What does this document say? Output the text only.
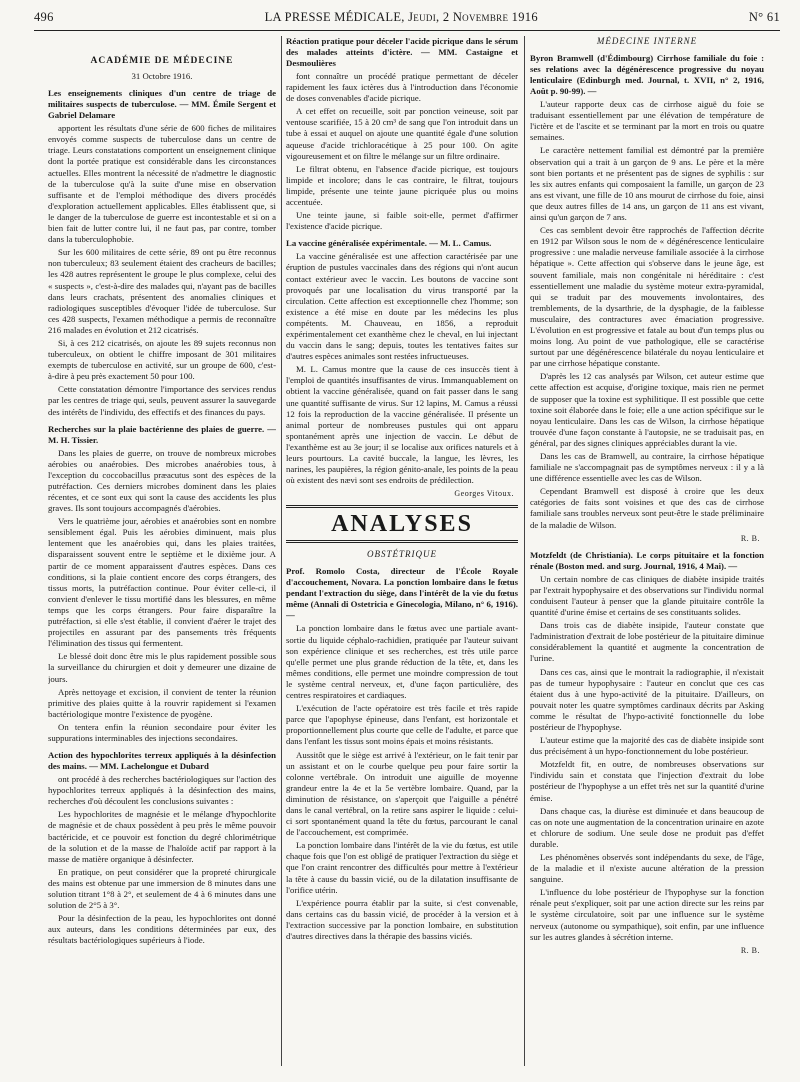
496	LA PRESSE MÉDICALE, Jeudi, 2 Novembre 1916	N° 61
ACADÉMIE DE MÉDECINE
31 Octobre 1916.
Les enseignements cliniques d'un centre de triage de militaires suspects de tuberculose. — MM. Émile Sergent et Gabriel Delamare

apportent les résultats d'une série de 600 fiches de militaires envoyés comme suspects de tuberculose dans un centre de triage. Leurs constatations comportent un enseignement clinique dont la portée pratique est considérable dans les circonstances actuelles. Elles montrent la nécessité de n'admettre le diagnostic de la tuberculose qu'à la suite d'une mise en observation suffisante et de l'emploi méthodique des divers procédés d'exploration actuellement applicables. Elles établissent que, si le danger de la tuberculose de guerre est incontestable et si on a bien fait de lutter contre lui, il ne faut pas, par contre, tomber dans la tuberculophobie.

Sur les 600 militaires de cette série, 89 ont pu être reconnus non tuberculeux; 83 seulement étaient des cracheurs de bacilles; les 428 autres représentent le groupe le plus complexe, celui des « suspects », c'est-à-dire des malades qui, n'ayant pas de bacilles dans leurs crachats, présentent des anomalies cliniques et radiologiques susceptibles d'évoquer l'idée de tuberculose. Sur ces 428 suspects, l'examen méthodique a permis de reconnaître 216 malades en évolution et 212 cicatrisés.

Si, à ces 212 cicatrisés, on ajoute les 89 sujets reconnus non tuberculeux, on obtient le chiffre imposant de 301 militaires exempts de tuberculose en activité, sur un groupe de 600, c'est-à-dire à peu près exactement 50 pour 100.

Cette constatation démontre l'importance des services rendus par les centres de triage qui, seuls, peuvent assurer la sauvegarde des intérêts de l'individu, des effectifs et des finances du pays.

Recherches sur la plaie bactérienne des plaies de guerre. — M. H. Tissier.

Dans les plaies de guerre, on trouve de nombreux microbes aérobies ou anaérobies. Des microbes anaérobies tous, à l'exception du coccobacillus præacutus sont des espèces de la putréfaction. Ces derniers microbes dominent dans les plaies récentes, et ce sont eux qui sont la cause des accidents les plus graves. Ils sont toujours accompagnés d'aérobies.

Vers le quatrième jour, aérobies et anaérobies sont en nombre sensiblement égal. Puis les aérobies diminuent, mais plus lentement que les anaérobies qui, dans les plaies traitées, disparaissent souvent entre le septième et le dixième jour. A partir de ce moment apparaissent d'autres espèces. Dans ces conditions, si la plaie contient encore des corps étrangers, des tissus morts, la putréfaction continue. Pour éviter celle-ci, il convient d'enlever le tissu mortifié dans les blessures, en même temps que les corps étrangers. Pour faire disparaître la putréfaction, si elle s'est établie, il convient d'aérer le trajet des projectiles en assurant par des pansements très fréquents l'élimination des tissus qui fermentent.

Le blessé doit donc être mis le plus rapidement possible sous la surveillance du chirurgien et doit y demeurer une dizaine de jours.

Après nettoyage et excision, il convient de tenter la réunion primitive des plaies quitte à la rouvrir rapidement si l'examen bactériologique montre l'existence de pyogène.

On tentera enfin la réunion secondaire pour éviter les suppurations interminables des injections secondaires.

Action des hypochlorites terreux appliqués à la désinfection des mains. — MM. Lachelongue et Dubard

ont procédé à des recherches bactériologiques sur l'action des hypochlorites terreux appliqués à la désinfection des mains, recherches d'où découlent les conclusions suivantes :

Les hypochlorites de magnésie et le mélange d'hypochlorite de magnésie et de chaux possèdent à peu près le même pouvoir bactéricide, et ce pouvoir est fonction du degré chlorimétrique de la solution et de la masse de l'haloïde actif par rapport à la masse de matière organique à désinfecter.

En pratique, on peut considérer que la propreté chirurgicale des mains est obtenue par une immersion de 8 minutes dans une solution titrant 1°8 à 2°, et seulement de 4 à 6 minutes dans une solution de 2°5 à 3°.

Pour la désinfection de la peau, les hypochlorites ont donné aux auteurs, dans les conditions déterminées par eux, des résultats bactériologiques supérieurs à l'iode.

Réaction pratique pour déceler l'acide picrique dans le sérum des malades atteints d'ictère. — MM. Castaigne et Desmoulières

font connaître un procédé pratique permettant de déceler rapidement les faux ictères dus à l'introduction dans l'économie de doses convenables d'acide picrique.

A cet effet on recueille, soit par ponction veineuse, soit par ventouse scarifiée, 15 à 20 cm³ de sang que l'on introduit dans un tube à essai et auquel on ajoute une quantité égale d'une solution aqueuse d'acide trichloracétique à 25 pour 100. On agite vigoureusement et on filtre le mélange sur un filtre ordinaire.

Le filtrat obtenu, en l'absence d'acide picrique, est toujours limpide et incolore; dans le cas contraire, le filtrat, toujours limpide, présente une teinte jaune picriquée plus ou moins accentuée.

Une teinte jaune, si faible soit-elle, permet d'affirmer l'existence d'acide picrique.

La vaccine généralisée expérimentale. — M. L. Camus.

La vaccine généralisée est une affection caractérisée par une éruption de pustules vaccinales dans des régions qui n'ont aucun contact extérieur avec le vaccin. Les boutons de vaccine sont provoqués par une localisation du virus transporté par la circulation. Cette affection est exceptionnelle chez l'homme; son existence a été mise en doute par les médecins les plus compétents. M. Chauveau, en 1856, a reproduit expérimentalement cet exanthème chez le cheval, en lui injectant du vaccin dans le sang; depuis, toutes les tentatives faites sur d'autres espèces animales sont restées infructueuses.

M. L. Camus montre que la cause de ces insuccès tient à l'emploi de quantités insuffisantes de virus. Immanquablement on obtient la vaccine généralisée, quand on fait passer dans le sang une quantité suffisante de virus. Sur 12 lapins, M. Camus a réussi 12 fois la reproduction de la vaccine généralisée. Il présente un animal porteur de nombreuses pustules qui ont apparu spontanément après une injection de vaccin. Le début de l'exanthème est au 3e jour; il se localise aux orifices naturels et à leurs pourtours. La cavité buccale, la langue, les lèvres, les narines, les paupières, la région génito-anale, les points de la peau où existent des nævi sont ses endroits de prédilection.

Georges Vitoux.
ANALYSES
OBSTÉTRIQUE
Prof. Romolo Costa, directeur de l'École Royale d'accouchement, Novara. La ponction lombaire dans le fœtus pendant l'extraction du siège, dans l'intérêt de la vie du fœtus même (Annali di Ostetricia e Ginecologia, Milano, n° 6, 1916). —

La ponction lombaire dans le fœtus avec une partiale avant-sortie du liquide céphalo-rachidien, pratiquée par l'auteur suivant son expérience clinique et ses recherches, est très utile parce qu'elle permet une plus grande réduction de la tête, et, dans les mêmes conditions, elle permet une moindre compression de tout le système central nerveux, et, d'une façon particulière, des centres respiratoires et cardiaques.

L'exécution de l'acte opératoire est très facile et très rapide parce que l'apophyse épineuse, dans l'enfant, est horizontale et proportionnellement plus courte que celle de l'adulte, et parce que dans l'enfant les tissus sont moins épais et moins résistants.

Aussitôt que le siège est arrivé à l'extérieur, on le fait tenir par un assistant et on le courbe quelque peu pour faire sortir la colonne vertébrale. On introduit une aiguille de moyenne grandeur entre la 4e et la 5e vertèbre lombaire. Quand, par la diminution de résistance, on s'aperçoit que l'aiguille a pénétré dans le canal vertébral, on la retire sans aspirer le liquide : celui-ci sort spontanément quand la tête du fœtus, parcourant le canal de l'accouchement, est comprimée.

La ponction lombaire dans l'intérêt de la vie du fœtus, est utile chaque fois que l'on est obligé de pratiquer l'extraction du siège et que l'on craint rencontrer des difficultés pour mettre à l'extérieur la tête à cause du bassin vicié, ou de la dilatation insuffisante de l'orifice utérin.

L'expérience pourra établir par la suite, si c'est convenable, dans certains cas du bassin vicié, de procéder à la version et à l'extraction successive par la ponction lombaire, en substitution d'autres directives dans la thérapie des bassins viciés.

MÉDECINE INTERNE
Byron Bramwell (d'Édimbourg) Cirrhose familiale du foie : ses relations avec la dégénérescence progressive du noyau lenticulaire (Edinburgh med. Journal, t. XVII, n° 2, 1916, Août p. 90-99). —

L'auteur rapporte deux cas de cirrhose aiguë du foie se traduisant essentiellement par une élévation de température de l'ictère et de l'ascite et se terminant par la mort en trois ou quatre semaines.

Le caractère nettement familial est démontré par la première observation qui a trait à un garçon de 9 ans. Le père et la mère sont bien portants et ne présentent pas de signes de syphilis : sur les six autres enfants qui composaient la famille, un garçon de 23 ans est vivant, une fille de 10 ans mourut de cirrhose du foie, ainsi que deux autres filles de 14 ans, un garçon de 11 ans est vivant, ainsi qu'un garçon de 7 ans.

Ces cas semblent devoir être rapprochés de l'affection décrite en 1912 par Wilson sous le nom de « dégénérescence lenticulaire progressive : une maladie nerveuse familiale associée à la cirrhose hépatique ». Cette affection qui s'observe dans le jeune âge, est souvent familiale, mais non congénitale ni héréditaire : c'est essentiellement une maladie du système moteur extra-pyramidal, qui se traduit par des mouvements involontaires, des tremblements, de la dysarthrie, de la dysphagie, de la faiblesse musculaire, des contractures avec émaciation progressive. L'évolution en est progressive et fatale au bout d'un temps plus ou moins long. Au point de vue pathologique, elle se caractérise surtout par une dégénérescence bilatérale du noyau lenticulaire et par une cirrhose hépatique constante.

D'après les 12 cas analysés par Wilson, cet auteur estime que cette affection est acquise, d'origine toxique, mais rien ne permet de supposer que la toxine est syphilitique. Il est possible que cette toxine soit élaborée dans le foie; elle a une action spécifique sur le noyau lenticulaire. Dans les cas de Wilson, la cirrhose hépatique trouvée d'une façon constante à l'autopsie, ne se traduisait pas, en général, par des signes cliniques appréciables durant la vie.

Dans les cas de Bramwell, au contraire, la cirrhose hépatique familiale ne s'accompagnait pas de symptômes nerveux : il y a là une différence essentielle avec les cas de Wilson.

Cependant Bramwell est disposé à croire que les deux catégories de faits sont voisines et que des cas de cirrhose familiale sans troubles nerveux sont peut-être le stade préliminaire de la maladie de Wilson.

R. B.
Motzfeldt (de Christiania). Le corps pituitaire et la fonction rénale (Boston med. and surg. Journal, 1916, 4 Mai). —

Un certain nombre de cas cliniques de diabète insipide traités par l'extrait hypophysaire et des observations sur l'individu normal conduisent l'auteur à penser que la glande pituitaire contrôle la quantité d'urine émise et certains de ses constituants solides.

Dans trois cas de diabète insipide, l'auteur constate que l'administration d'extrait de lobe postérieur de la pituitaire diminue considérablement la quantité et augmente la concentration de l'urine.

Dans ces cas, ainsi que le montrait la radiographie, il n'existait pas de tumeur hypophysaire : l'auteur en conclut que ces cas étaient dus à une hypo-activité de la pituitaire. D'ailleurs, on pouvait noter les quatre symptômes cardinaux décrits par Asking comme le résultat de l'hypo-activité fonctionnelle du lobe postérieur de l'hypophyse.

L'auteur estime que la majorité des cas de diabète insipide sont dus précisément à un hypo-fonctionnement du lobe postérieur.

Motzfeldt fit, en outre, de nombreuses observations sur l'individu sain et constata que l'injection d'extrait du lobe postérieur de l'hypophyse a un effet très net sur la quantité d'urine émise.

Dans chaque cas, la diurèse est diminuée et dans beaucoup de cas on note une augmentation de la concentration urinaire en azote et chlorure de sodium. Une seule dose ne produit pas d'effet durable.

Les phénomènes observés sont indépendants du sexe, de l'âge, de la maladie et il n'existe aucune altération de la pression sanguine.

L'influence du lobe postérieur de l'hypophyse sur la fonction rénale peut s'expliquer, soit par une action directe sur les reins par le système circulatoire, soit par une influence sur le système nerveux (autonome ou sympathique), soit enfin, par une influence sur les autres glandes à sécrétion interne.

R. B.
